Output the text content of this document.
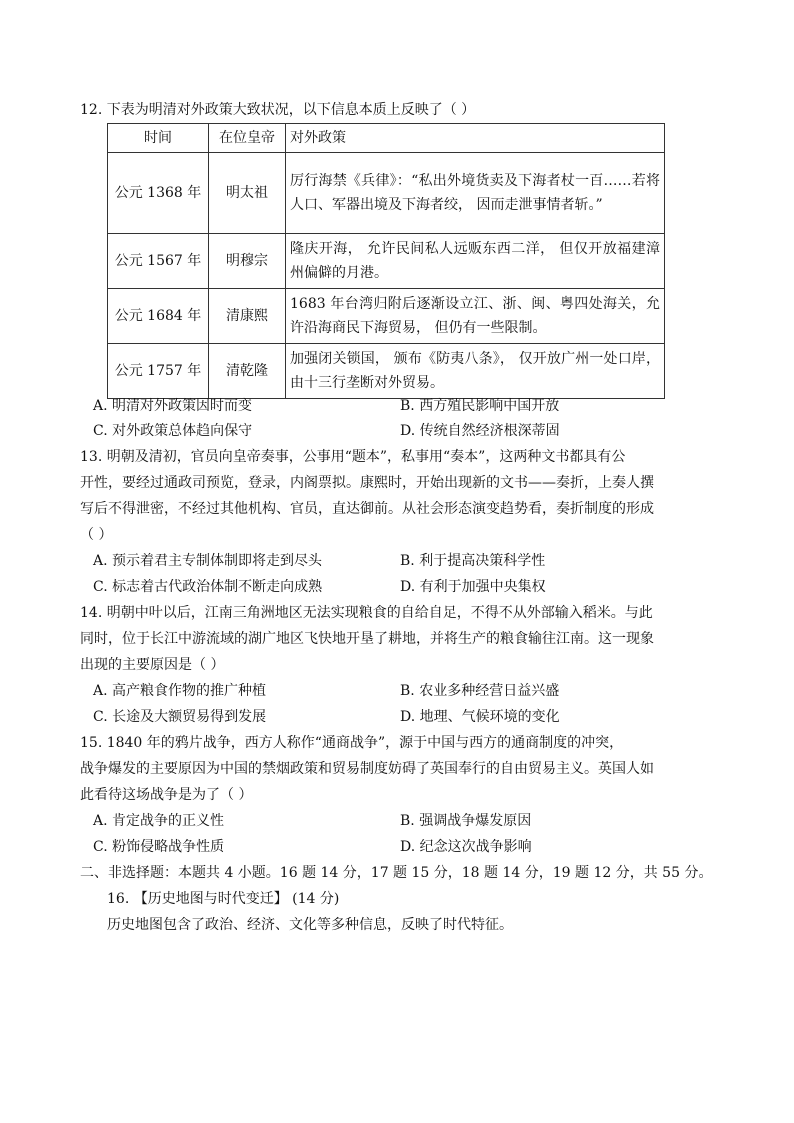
12. 下表为明清对外政策大致状况，以下信息本质上反映了（ ）
时间	在位皇帝	对外政策
公元 1368 年	明太祖	厉行海禁《兵律》：“私出外境货卖及下海者杖一百……若将人口、军器出境及下海者绞， 因而走泄事情者斩。”
公元 1567 年	明穆宗	隆庆开海， 允许民间私人远贩东西二洋， 但仅开放福建漳州偏僻的月港。
公元 1684 年	清康熙	1683 年台湾归附后逐渐设立江、浙、闽、粤四处海关，允许沿海商民下海贸易， 但仍有一些限制。
公元 1757 年	清乾隆	加强闭关锁国， 颁布《防夷八条》， 仅开放广州一处口岸， 由十三行垄断对外贸易。
A. 明清对外政策因时而变	B. 西方殖民影响中国开放
C. 对外政策总体趋向保守	D. 传统自然经济根深蒂固
13. 明朝及清初，官员向皇帝奏事，公事用“题本”，私事用“奏本”，这两种文书都具有公
开性，要经过通政司预览，登录，内阁票拟。康熙时，开始出现新的文书——奏折，上奏人撰
写后不得泄密，不经过其他机构、官员，直达御前。从社会形态演变趋势看，奏折制度的形成
（ ）
A. 预示着君主专制体制即将走到尽头	B. 利于提高决策科学性
C. 标志着古代政治体制不断走向成熟	D. 有利于加强中央集权
14. 明朝中叶以后，江南三角洲地区无法实现粮食的自给自足，不得不从外部输入稻米。与此
同时，位于长江中游流域的湖广地区飞快地开垦了耕地，并将生产的粮食输往江南。这一现象
出现的主要原因是（ ）
A. 高产粮食作物的推广种植	B. 农业多种经营日益兴盛
C. 长途及大额贸易得到发展	D. 地理、气候环境的变化
15. 1840 年的鸦片战争，西方人称作“通商战争”，源于中国与西方的通商制度的冲突，
战争爆发的主要原因为中国的禁烟政策和贸易制度妨碍了英国奉行的自由贸易主义。英国人如
此看待这场战争是为了（ ）
A. 肯定战争的正义性	B. 强调战争爆发原因
C. 粉饰侵略战争性质	D. 纪念这次战争影响
二、非选择题：本题共 4 小题。16 题 14 分，17 题 15 分，18 题 14 分，19 题 12 分，共 55 分。
16. 【历史地图与时代变迁】 (14 分)
历史地图包含了政治、经济、文化等多种信息，反映了时代特征。
